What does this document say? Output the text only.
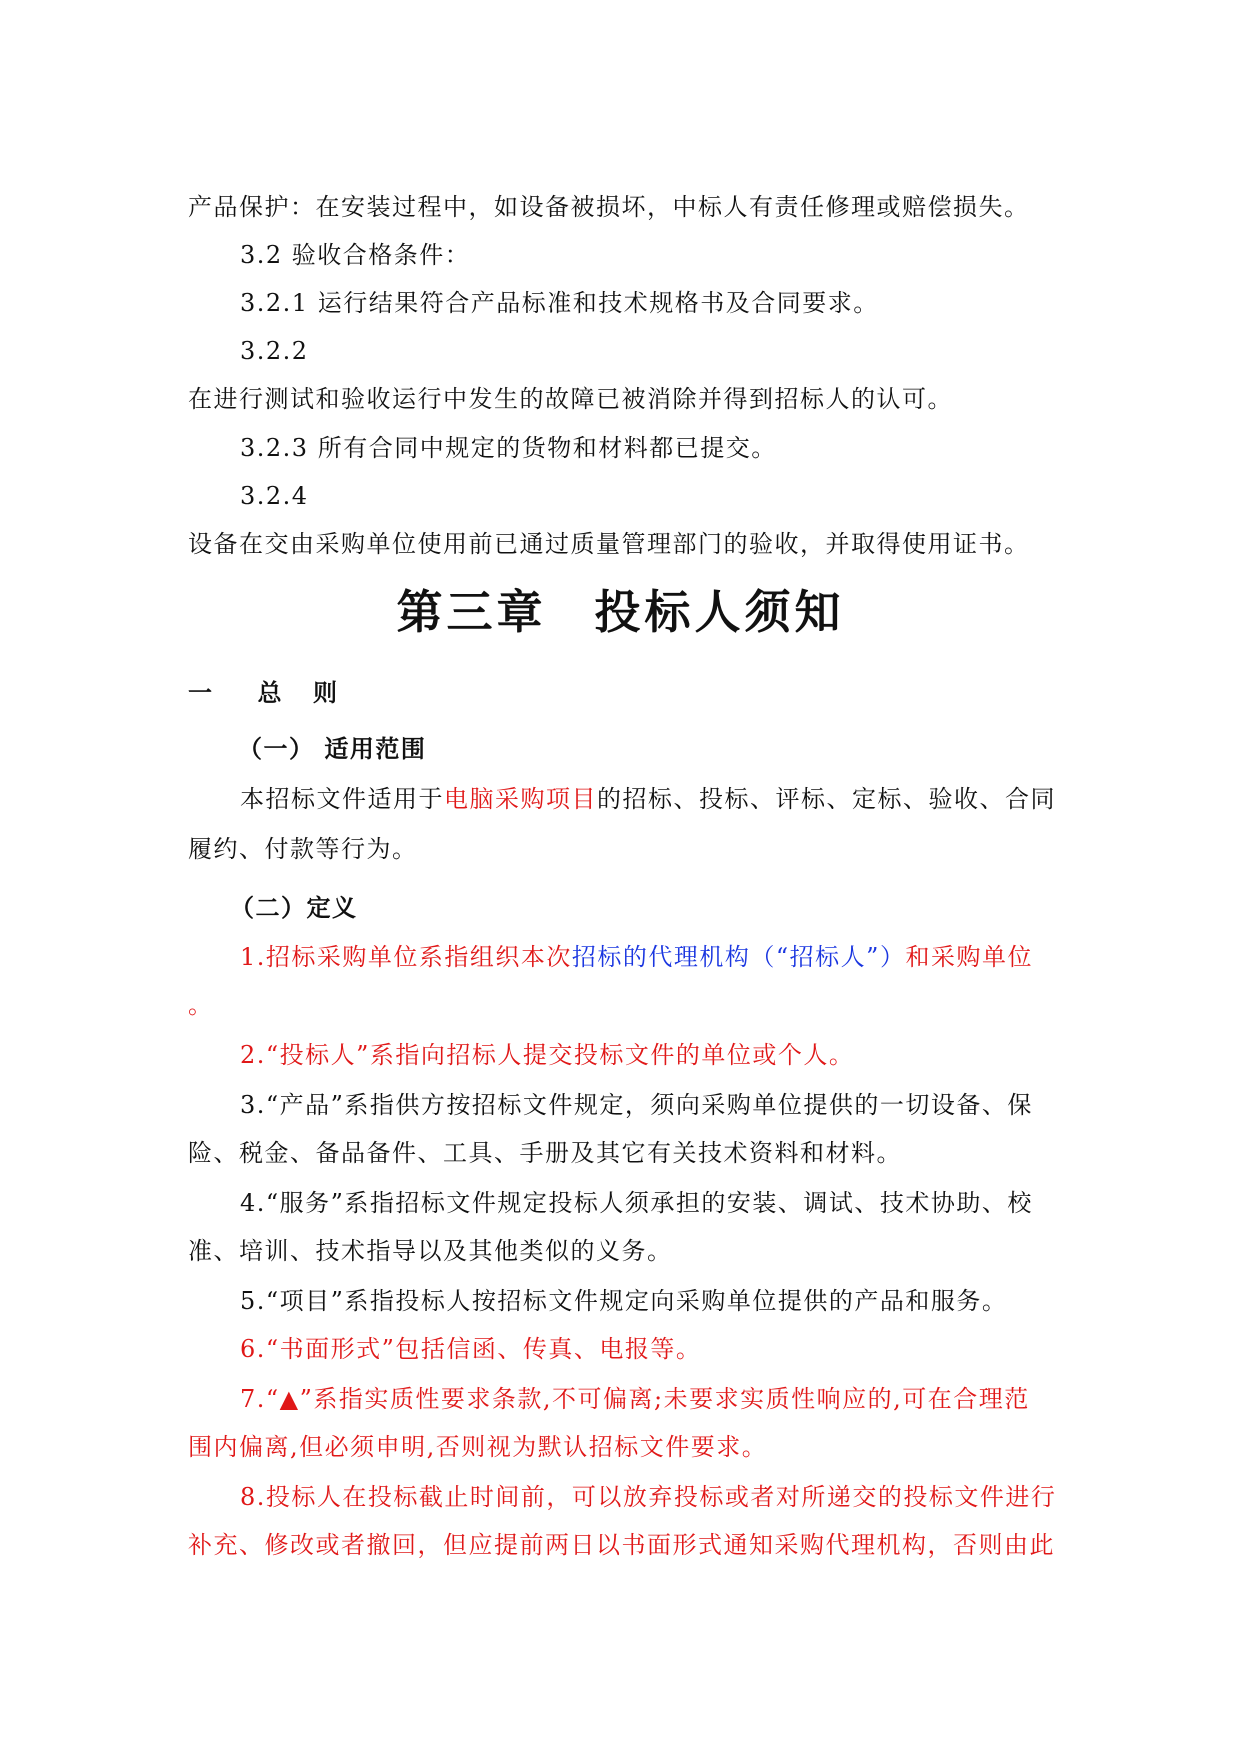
产品保护：在安装过程中，如设备被损坏，中标人有责任修理或赔偿损失。

3.2 验收合格条件：

3.2.1 运行结果符合产品标准和技术规格书及合同要求。

3.2.2

在进行测试和验收运行中发生的故障已被消除并得到招标人的认可。

3.2.3 所有合同中规定的货物和材料都已提交。

3.2.4

设备在交由采购单位使用前已通过质量管理部门的验收，并取得使用证书。

第三章 投标人须知

一 总 则

（一） 适用范围

本招标文件适用于电脑采购项目的招标、投标、评标、定标、验收、合同

履约、付款等行为。

（二）定义

1.招标采购单位系指组织本次招标的代理机构（“招标人”）和采购单位

。

2.“投标人”系指向招标人提交投标文件的单位或个人。

3.“产品”系指供方按招标文件规定，须向采购单位提供的一切设备、保

险、税金、备品备件、工具、手册及其它有关技术资料和材料。

4.“服务”系指招标文件规定投标人须承担的安装、调试、技术协助、校

准、培训、技术指导以及其他类似的义务。

5.“项目”系指投标人按招标文件规定向采购单位提供的产品和服务。

6.“书面形式”包括信函、传真、电报等。

7.“▲”系指实质性要求条款,不可偏离;未要求实质性响应的,可在合理范

围内偏离,但必须申明,否则视为默认招标文件要求。

8.投标人在投标截止时间前，可以放弃投标或者对所递交的投标文件进行

补充、修改或者撤回，但应提前两日以书面形式通知采购代理机构，否则由此
